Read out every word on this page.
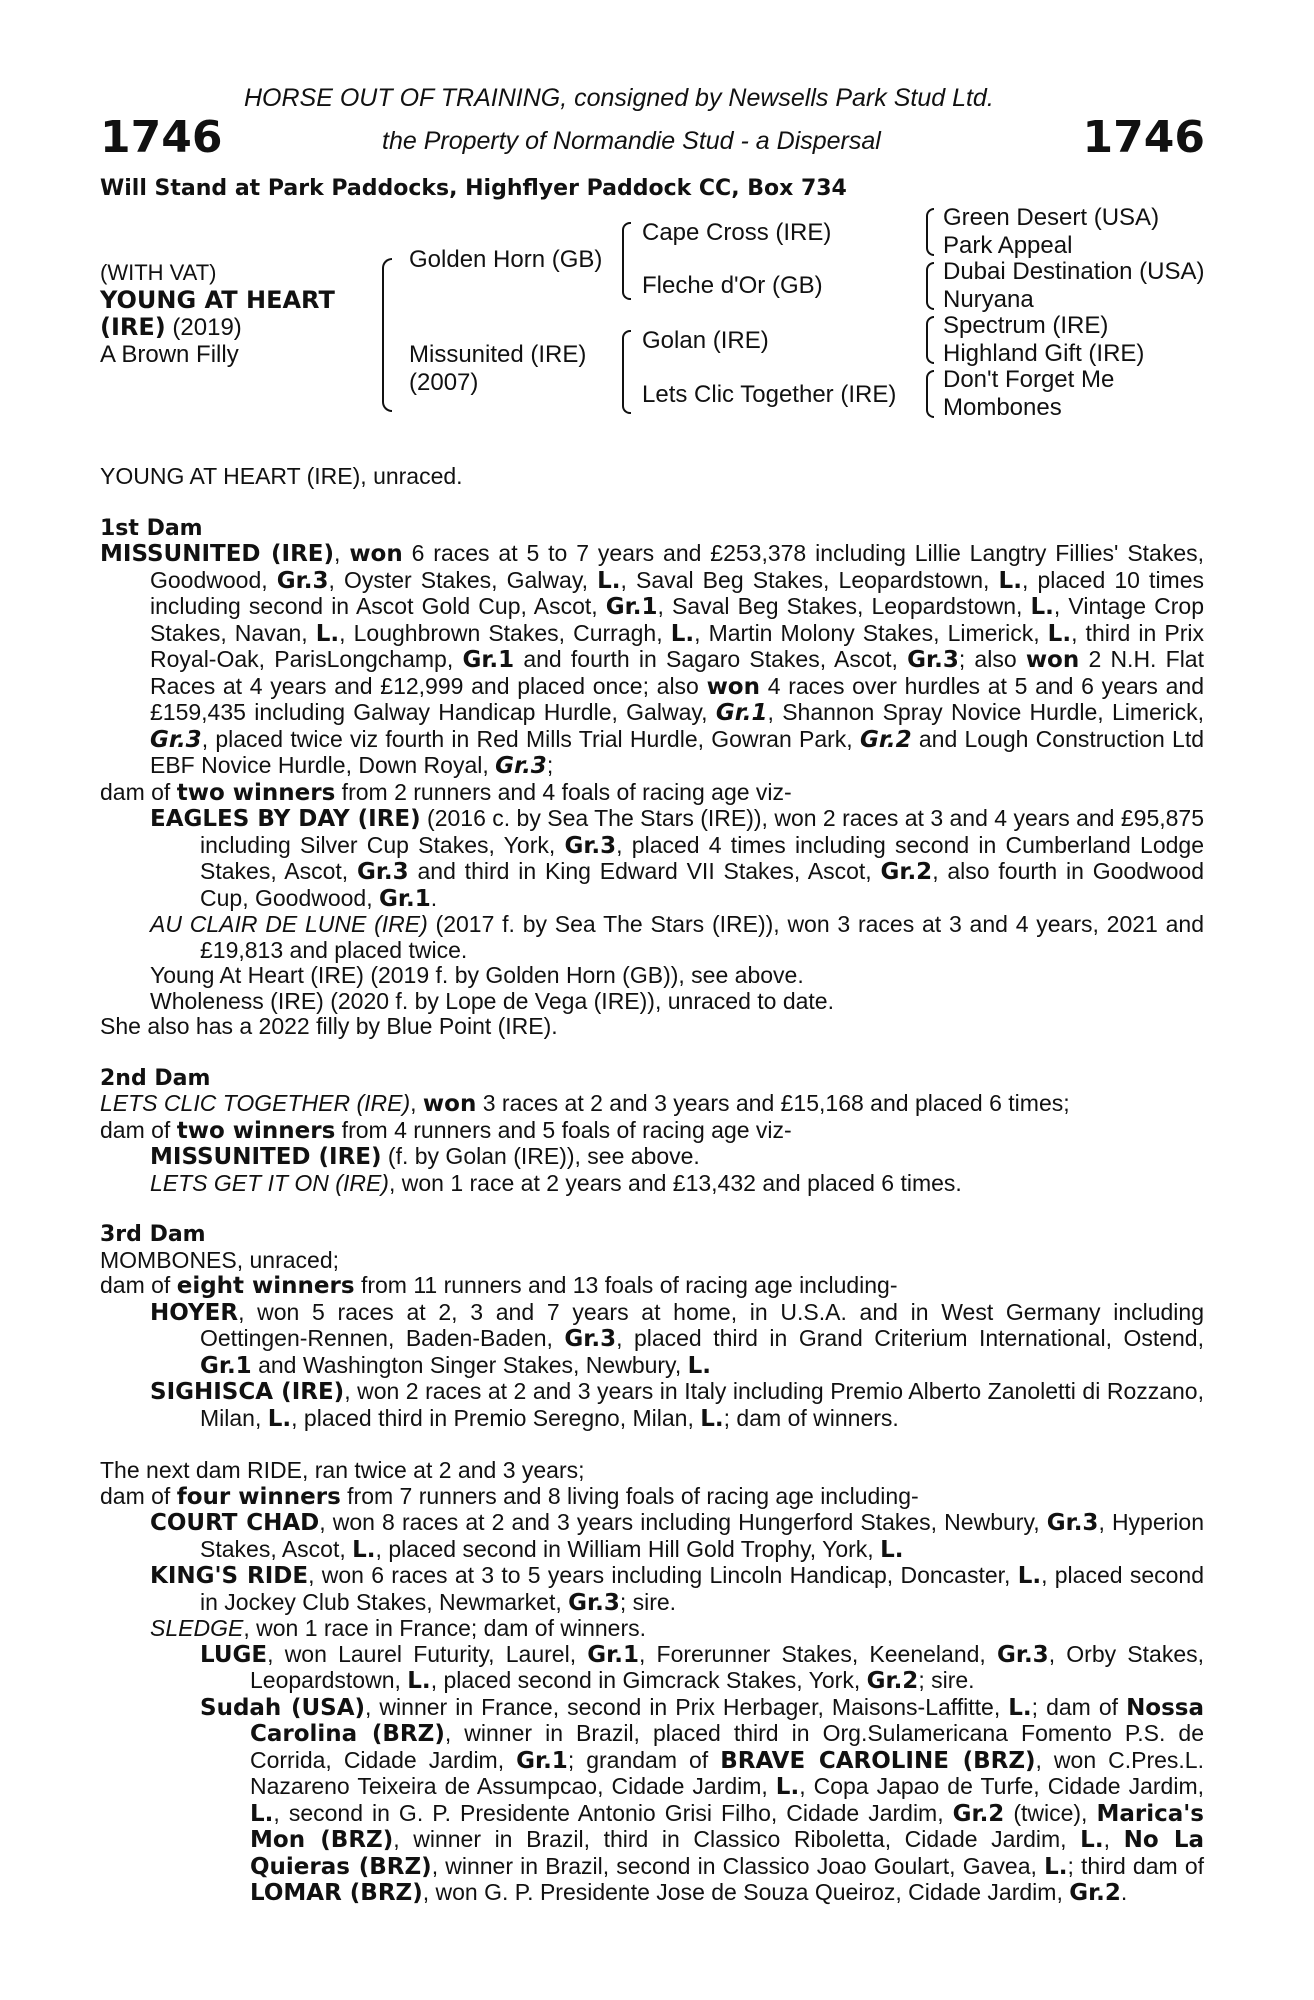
1746	1746
HORSE OUT OF TRAINING, consigned by Newsells Park Stud Ltd.
the Property of Normandie Stud - a Dispersal
Will Stand at Park Paddocks, Highflyer Paddock CC, Box 734
(WITH VAT)
YOUNG AT HEART
(IRE) (2019)
A Brown Filly
Golden Horn (GB)
Missunited (IRE)
(2007)
Cape Cross (IRE)
Fleche d'Or (GB)
Golan (IRE)
Lets Clic Together (IRE)
Green Desert (USA)
Park Appeal
Dubai Destination (USA)
Nuryana
Spectrum (IRE)
Highland Gift (IRE)
Don't Forget Me
Mombones

YOUNG AT HEART (IRE), unraced.

1st Dam

MISSUNITED (IRE), won 6 races at 5 to 7 years and £253,378 including Lillie Langtry Fillies' Stakes, Goodwood, Gr.3, Oyster Stakes, Galway, L., Saval Beg Stakes, Leopardstown, L., placed 10 times including second in Ascot Gold Cup, Ascot, Gr.1, Saval Beg Stakes, Leopardstown, L., Vintage Crop Stakes, Navan, L., Loughbrown Stakes, Curragh, L., Martin Molony Stakes, Limerick, L., third in Prix Royal-Oak, ParisLongchamp, Gr.1 and fourth in Sagaro Stakes, Ascot, Gr.3; also won 2 N.H. Flat Races at 4 years and £12,999 and placed once; also won 4 races over hurdles at 5 and 6 years and £159,435 including Galway Handicap Hurdle, Galway, Gr.1, Shannon Spray Novice Hurdle, Limerick, Gr.3, placed twice viz fourth in Red Mills Trial Hurdle, Gowran Park, Gr.2 and Lough Construction Ltd EBF Novice Hurdle, Down Royal, Gr.3;

dam of two winners from 2 runners and 4 foals of racing age viz-

EAGLES BY DAY (IRE) (2016 c. by Sea The Stars (IRE)), won 2 races at 3 and 4 years and £95,875 including Silver Cup Stakes, York, Gr.3, placed 4 times including second in Cumberland Lodge Stakes, Ascot, Gr.3 and third in King Edward VII Stakes, Ascot, Gr.2, also fourth in Goodwood Cup, Goodwood, Gr.1.

AU CLAIR DE LUNE (IRE) (2017 f. by Sea The Stars (IRE)), won 3 races at 3 and 4 years, 2021 and £19,813 and placed twice.

Young At Heart (IRE) (2019 f. by Golden Horn (GB)), see above.

Wholeness (IRE) (2020 f. by Lope de Vega (IRE)), unraced to date.

She also has a 2022 filly by Blue Point (IRE).

2nd Dam

LETS CLIC TOGETHER (IRE), won 3 races at 2 and 3 years and £15,168 and placed 6 times;

dam of two winners from 4 runners and 5 foals of racing age viz-

MISSUNITED (IRE) (f. by Golan (IRE)), see above.

LETS GET IT ON (IRE), won 1 race at 2 years and £13,432 and placed 6 times.

3rd Dam

MOMBONES, unraced;

dam of eight winners from 11 runners and 13 foals of racing age including-

HOYER, won 5 races at 2, 3 and 7 years at home, in U.S.A. and in West Germany including Oettingen-Rennen, Baden-Baden, Gr.3, placed third in Grand Criterium International, Ostend, Gr.1 and Washington Singer Stakes, Newbury, L.

SIGHISCA (IRE), won 2 races at 2 and 3 years in Italy including Premio Alberto Zanoletti di Rozzano, Milan, L., placed third in Premio Seregno, Milan, L.; dam of winners.

The next dam RIDE, ran twice at 2 and 3 years;

dam of four winners from 7 runners and 8 living foals of racing age including-

COURT CHAD, won 8 races at 2 and 3 years including Hungerford Stakes, Newbury, Gr.3, Hyperion Stakes, Ascot, L., placed second in William Hill Gold Trophy, York, L.

KING'S RIDE, won 6 races at 3 to 5 years including Lincoln Handicap, Doncaster, L., placed second in Jockey Club Stakes, Newmarket, Gr.3; sire.

SLEDGE, won 1 race in France; dam of winners.

LUGE, won Laurel Futurity, Laurel, Gr.1, Forerunner Stakes, Keeneland, Gr.3, Orby Stakes, Leopardstown, L., placed second in Gimcrack Stakes, York, Gr.2; sire.

Sudah (USA), winner in France, second in Prix Herbager, Maisons-Laffitte, L.; dam of Nossa Carolina (BRZ), winner in Brazil, placed third in Org.Sulamericana Fomento P.S. de Corrida, Cidade Jardim, Gr.1; grandam of BRAVE CAROLINE (BRZ), won C.Pres.L. Nazareno Teixeira de Assumpcao, Cidade Jardim, L., Copa Japao de Turfe, Cidade Jardim, L., second in G. P. Presidente Antonio Grisi Filho, Cidade Jardim, Gr.2 (twice), Marica's Mon (BRZ), winner in Brazil, third in Classico Riboletta, Cidade Jardim, L., No La Quieras (BRZ), winner in Brazil, second in Classico Joao Goulart, Gavea, L.; third dam of LOMAR (BRZ), won G. P. Presidente Jose de Souza Queiroz, Cidade Jardim, Gr.2.
